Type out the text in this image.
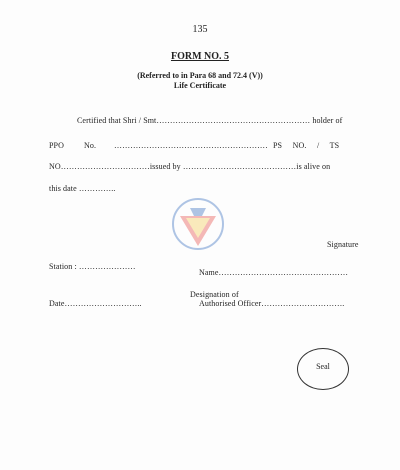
135
FORM NO. 5
(Referred to in Para 68 and 72.4 (V))
Life Certificate
Certified that Shri / Smt………………………………………………… holder of
PPO	No. ………………………………………………… PS     NO.     /     TS
NO……………………………issued by ……………………………………is alive on
this date …………..
Signature
Station : …………………
Name…………………………………………
Designation of
Date………………………..	Authorised Officer………………………….
Seal
